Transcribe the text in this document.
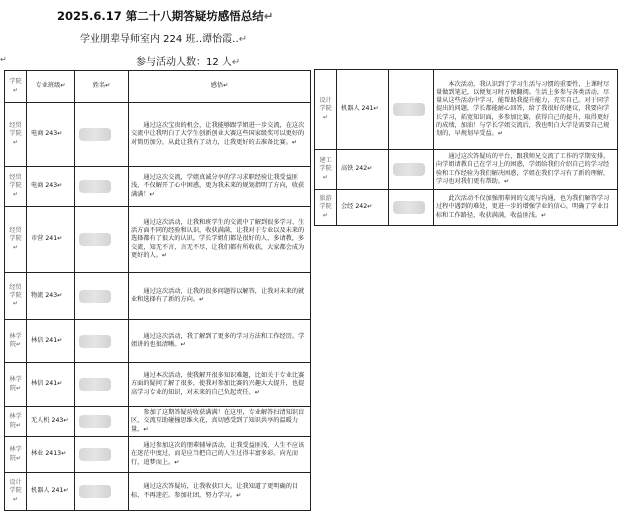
2025.6.17 第二十八期答疑坊感悟总结↵
学业朋辈导师室内 224 班‥谭怡霞‥↵
↵	参与活动人数：12 人↵
学院↵	专业班级↵	姓名↵	感悟↵
经贸学院↵	电商 243↵		通过这次宝贵的机会，让我能够跟学姐进一步交流，在这次交流中让我明白了大学生创新创业大赛这些国家级奖可以更好的对简历加分，从此让我有了动力，让我更好的去准备比赛。↵
经贸学院↵	电商 243↵		通过这次交流，学姐真诚分享的学习求职经验让我受益匪浅，不仅解开了心中困惑，更为我未来的规划指明了方向，收获满满！↵
经贸学院↵	市营 241↵		通过这次活动，让我和班学生的交流中了解到很多学习、生活方面不同的经验和认识，收获满满，让我对于专业以及未来的选择都有了很大的认识。学长学姐们都是很好的人，多请教，多交流，知无不言，言无不尽，让我们都有所收获，大家都会成为更好的人。↵
经贸学院↵	物流 243↵		通过这次活动，让我的很多问题得以解答，让我对未来的就业和选择有了新的方向。↵
林学院↵	林信 241↵		通过这次活动，我了解到了更多的学习方法和工作经历。学姐讲的也很清晰。↵
林学院↵	林信 241↵		通过本次活动，使我解开很多知识难题，比如关于专业比赛方面的疑问了解了很多，使我对参加比赛的兴趣大大提升，也提高学习专业的知识，对未来的自己负起责任。↵
林学院↵	无人机 243↵		参加了这期答疑坊收获满满！在这里，专业解答扫清知识盲区，交流互助碰撞思维火花，真切感受到了知识共享的温暖力量。↵
林学院↵	林业 2413↵		通过参加这次的朋辈辅导活动，让我受益匪浅，人生不应该在迷茫中度过，而是应当把自己的人生过得丰富多彩。向光而行，追梦而上。↵
设计学院↵	机器人 241↵		通过这次答疑坊，让我收获巨大，让我知道了更明确的目标，不再迷茫。参加社团，努力学习。↵
设计学院↵	机器人 241↵		本次活动，我认识到了学习生活与习惯的重要性，上课时尽量做到笔记，以便复习时方便翻阅。生活上多参与各类活动，尽量从这些活动中学习，能帮助我提升能力，充实自己。对于同学提出的问题，学长都能耐心回答，给了我很好的建议，我要向学长学习，拓宽知识面，多参加比赛，获得自己的提升，取得更好的成绩，加油！与学长学姐交流后，我也明白大学是需要自己规划的，早规划早受益。↵
建工学院↵	高铁 242↵		通过这次答疑坊的平台，跟我师兄交流了工作的学期安排，向学姐请教自己在学习上的困惑，学姐给我们介绍自己的学习经验和工作经验为我们解决困惑，学姐在我们学习有了新的理解，学习也对我们更有帮助。↵
旅游学院↵	会经 242↵		此次活动不仅加强朋辈间的交流与沟通，也为我们解答学习过程中遇到的难处，更进一步的增强学业的信心，明确了学业目标和工作路径，收获满满，收益匪浅。↵
